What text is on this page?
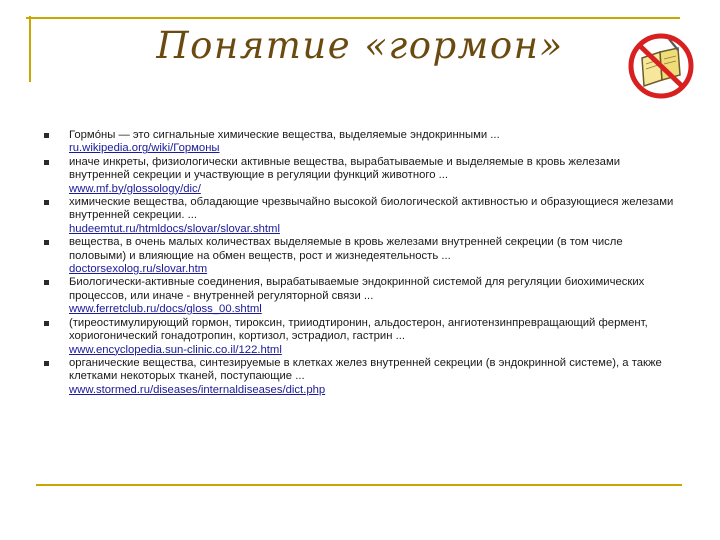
Понятие «гормон»
Гормо́ны — это сигнальные химические вещества, выделяемые эндокринными ...
ru.wikipedia.org/wiki/Гормоны
иначе инкреты, физиологически активные вещества, вырабатываемые и выделяемые в кровь железами внутренней секреции и участвующие в регуляции функций животного ...
www.mf.by/glossology/dic/
химические вещества, обладающие чрезвычайно высокой биологической активностью и образующиеся железами внутренней секреции. ...
hudeemtut.ru/htmldocs/slovar/slovar.shtml
вещества, в очень малых количествах выделяемые в кровь железами внутренней секреции (в том числе половыми) и влияющие на обмен веществ, рост и жизнедеятельность ...
doctorsexolog.ru/slovar.htm
Биологически-активные соединения, вырабатываемые эндокринной системой для регуляции биохимических процессов, или иначе - внутренней регуляторной связи ...
www.ferretclub.ru/docs/gloss_00.shtml
(тиреостимулирующий гормон, тироксин, трииодтиронин, альдостерон, ангиотензинпревращающий фермент, хориогонический гонадотропин, кортизол, эстрадиол, гастрин ...
www.encyclopedia.sun-clinic.co.il/122.html
органические вещества, синтезируемые в клетках желез внутренней секреции (в эндокринной системе), а также клетками некоторых тканей, поступающие ...
www.stormed.ru/diseases/internaldiseases/dict.php
